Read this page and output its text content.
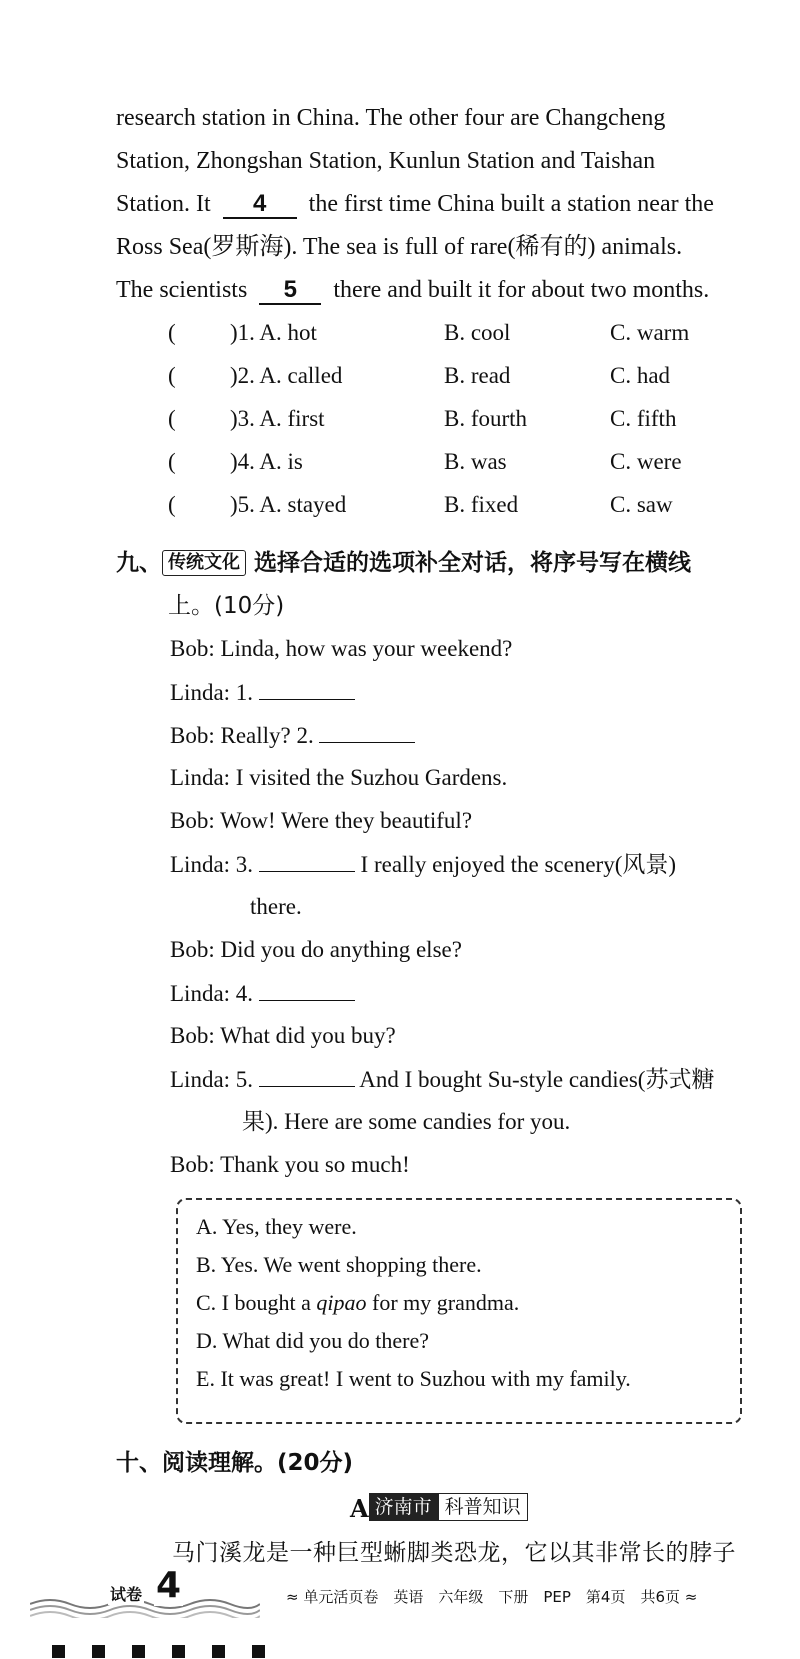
research station in China. The other four are Changcheng
Station, Zhongshan Station, Kunlun Station and Taishan
Station. It 4 the first time China built a station near the
Ross Sea(罗斯海). The sea is full of rare(稀有的) animals.
The scientists 5 there and built it for about two months.
( )1. A. hot	B. cool	C. warm
( )2. A. called	B. read	C. had
( )3. A. first	B. fourth	C. fifth
( )4. A. is	B. was	C. were
( )5. A. stayed	B. fixed	C. saw
九、 传统文化 选择合适的选项补全对话，将序号写在横线
上。(10分)
Bob: Linda, how was your weekend?
Linda: 1.
Bob: Really? 2.
Linda: I visited the Suzhou Gardens.
Bob: Wow! Were they beautiful?
Linda: 3.	I really enjoyed the scenery(风景)
there.
Bob: Did you do anything else?
Linda: 4.
Bob: What did you buy?
Linda: 5.	And I bought Su-style candies(苏式糖
果). Here are some candies for you.
Bob: Thank you so much!
A. Yes, they were.
B. Yes. We went shopping there.
C. I bought a qipao for my grandma.
D. What did you do there?
E. It was great! I went to Suzhou with my family.
十、阅读理解。(20分)
A 济南市 科普知识
马门溪龙是一种巨型蜥脚类恐龙，它以其非常长的脖子
试卷 4	≈ 单元活页卷　英语　六年级　下册　PEP　第4页　共6页 ≈
